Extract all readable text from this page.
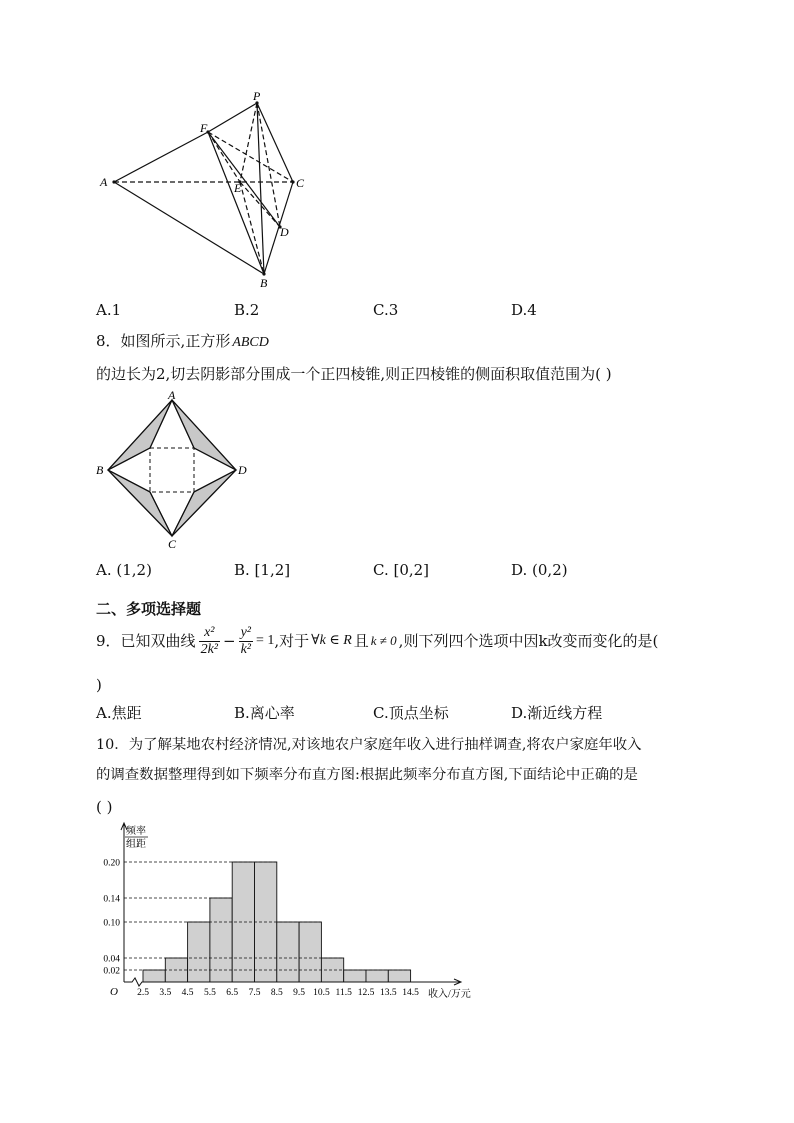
P
F
A	E	C
D
B
A.1	B.2	C.3	D.4
8．如图所示,正方形 ABCD
的边长为2,切去阴影部分围成一个正四棱锥,则正四棱锥的侧面积取值范围为( )
A
B	D
C
A. (1,2)	B. [1,2]	C. [0,2]	D. (0,2)
二、多项选择题
9． 已知双曲线 $\frac{\text{x²}}{\text{2k²}} - \frac{\text{y²}}{\text{k²}} = 1$ ,对于 ∀k ∈ R 且 k ≠ 0 ,则下列四个选项中因k改变而变化的是(
)
A.焦距	B.离心率	C.顶点坐标	D.渐近线方程
10．为了解某地农村经济情况,对该地农户家庭年收入进行抽样调查,将农户家庭年收入
的调查数据整理得到如下频率分布直方图:根据此频率分布直方图,下面结论中正确的是
( )
0.02
0.04
0.10
0.14
0.20
2.5 3.5 4.5 5.5 6.5 7.5 8.5 9.5 10.5 11.5 12.5 13.5 14.5
频率
组距
收入/万元
O
